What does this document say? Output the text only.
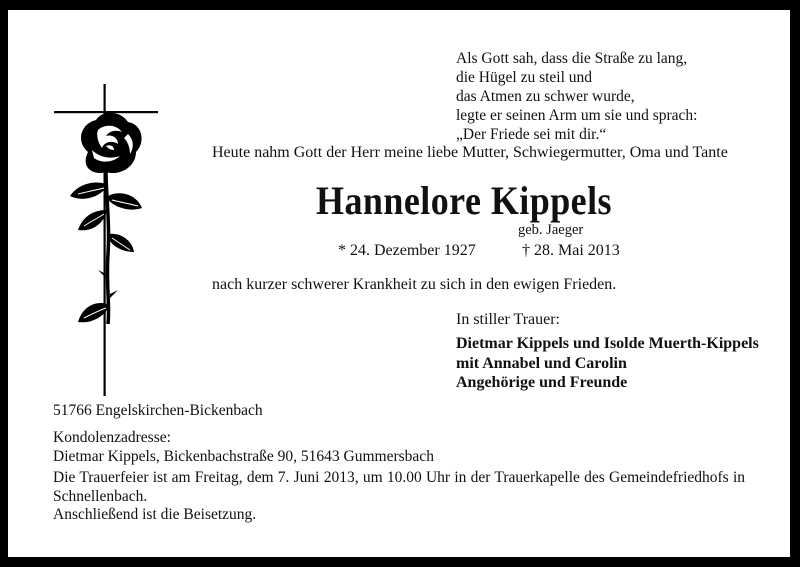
Als Gott sah, dass die Straße zu lang,
die Hügel zu steil und
das Atmen zu schwer wurde,
legte er seinen Arm um sie und sprach:
„Der Friede sei mit dir.“
Heute nahm Gott der Herr meine liebe Mutter, Schwiegermutter, Oma und Tante
Hannelore Kippels
geb. Jaeger
* 24. Dezember 1927	† 28. Mai 2013
nach kurzer schwerer Krankheit zu sich in den ewigen Frieden.
In stiller Trauer:
Dietmar Kippels und Isolde Muerth-Kippels
mit Annabel und Carolin
Angehörige und Freunde
51766 Engelskirchen-Bickenbach
Kondolenzadresse:
Dietmar Kippels, Bickenbachstraße 90, 51643 Gummersbach
Die Trauerfeier ist am Freitag, dem 7. Juni 2013, um 10.00 Uhr in der Trauerkapelle des Gemeindefriedhofs in Schnellenbach.
Anschließend ist die Beisetzung.
